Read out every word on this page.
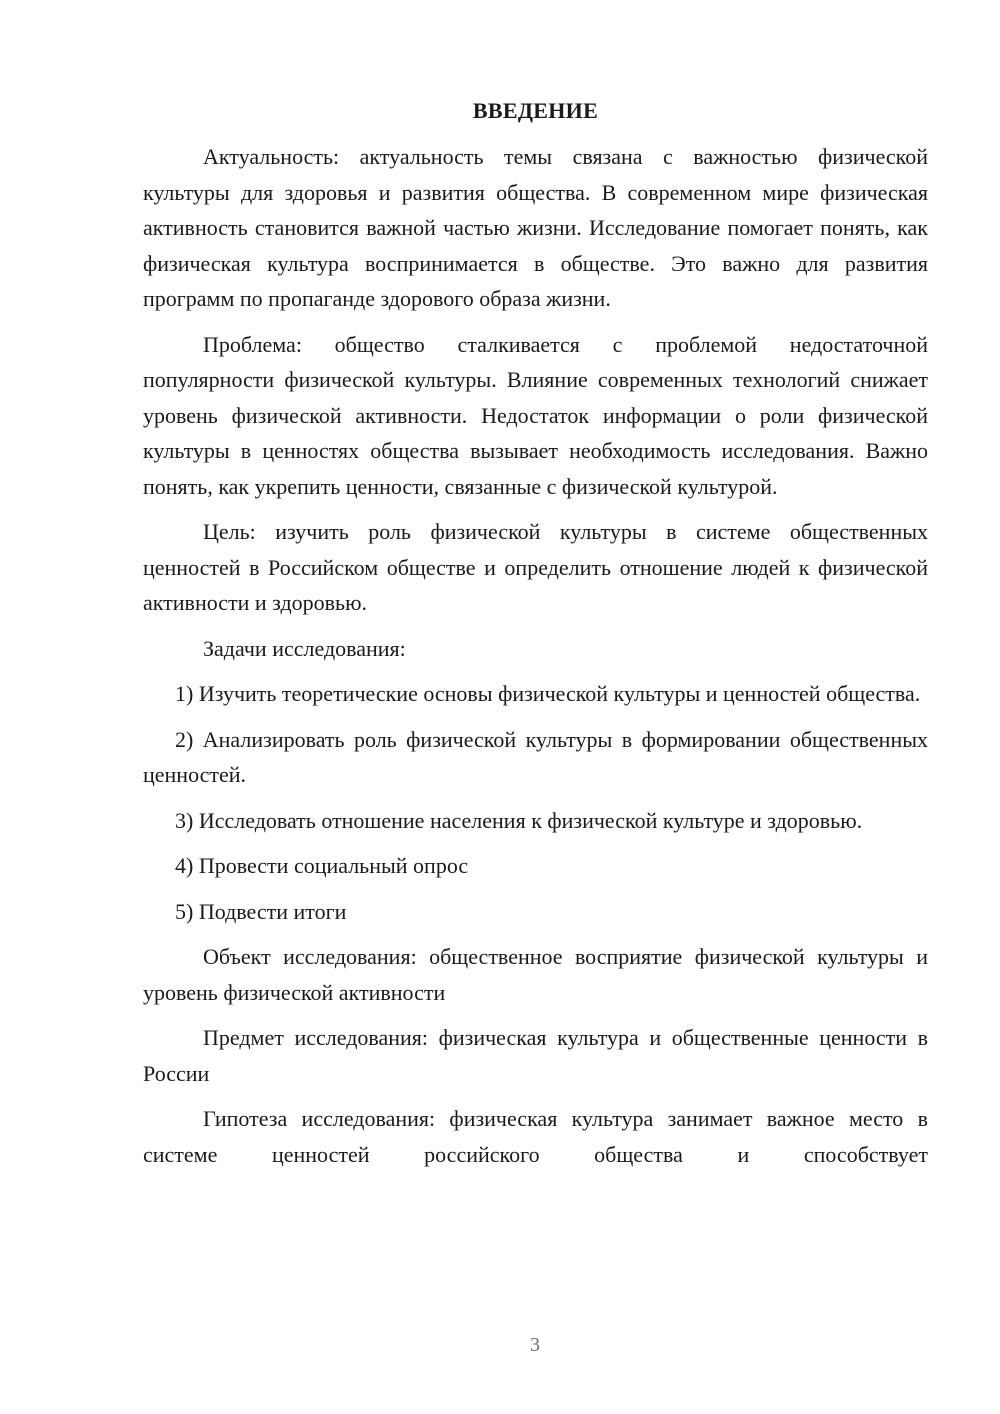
ВВЕДЕНИЕ

Актуальность: актуальность темы связана с важностью физической культуры для здоровья и развития общества. В современном мире физическая активность становится важной частью жизни. Исследование помогает понять, как физическая культура воспринимается в обществе. Это важно для развития программ по пропаганде здорового образа жизни.

Проблема: общество сталкивается с проблемой недостаточной популярности физической культуры. Влияние современных технологий снижает уровень физической активности. Недостаток информации о роли физической культуры в ценностях общества вызывает необходимость исследования. Важно понять, как укрепить ценности, связанные с физической культурой.

Цель: изучить роль физической культуры в системе общественных ценностей в Российском обществе и определить отношение людей к физической активности и здоровью.

Задачи исследования:

1) Изучить теоретические основы физической культуры и ценностей общества.

2) Анализировать роль физической культуры в формировании общественных ценностей.

3) Исследовать отношение населения к физической культуре и здоровью.

4) Провести социальный опрос

5) Подвести итоги

Объект исследования: общественное восприятие физической культуры и уровень физической активности

Предмет исследования: физическая культура и общественные ценности в России

Гипотеза исследования: физическая культура занимает важное место в системе ценностей российского общества и способствует

3
